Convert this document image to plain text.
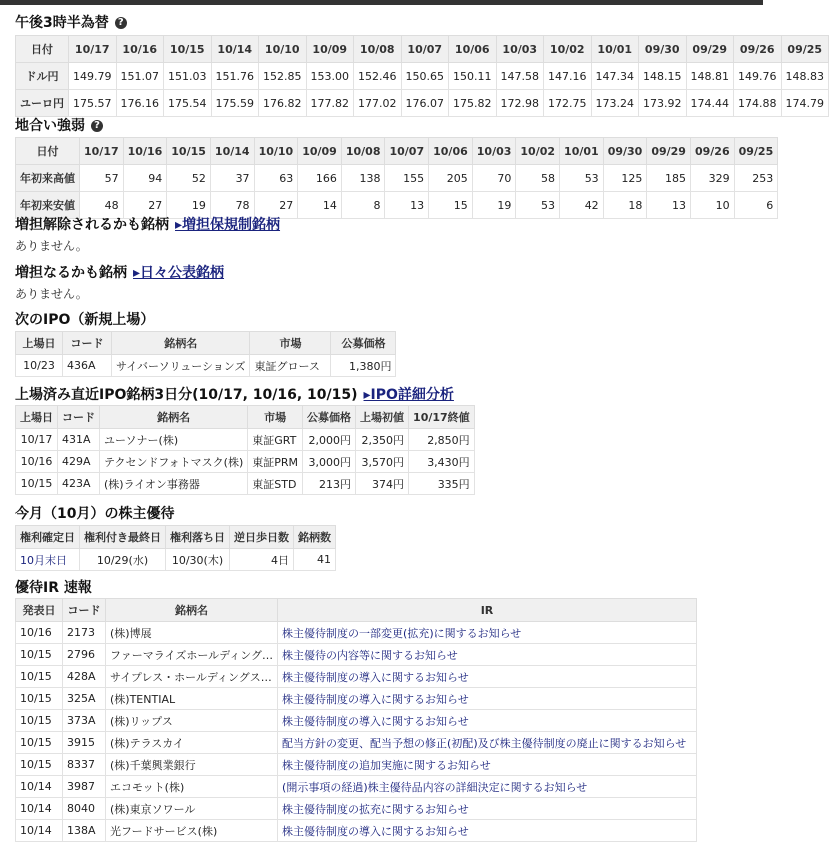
午後3時半為替 ?
日付	10/17	10/16	10/15	10/14	10/10	10/09	10/08	10/07	10/06	10/03	10/02	10/01	09/30	09/29	09/26	09/25
ドル円	149.79	151.07	151.03	151.76	152.85	153.00	152.46	150.65	150.11	147.58	147.16	147.34	148.15	148.81	149.76	148.83
ユーロ円	175.57	176.16	175.54	175.59	176.82	177.82	177.02	176.07	175.82	172.98	172.75	173.24	173.92	174.44	174.88	174.79
地合い強弱 ?
日付	10/17	10/16	10/15	10/14	10/10	10/09	10/08	10/07	10/06	10/03	10/02	10/01	09/30	09/29	09/26	09/25
年初来高値	57	94	52	37	63	166	138	155	205	70	58	53	125	185	329	253
年初来安値	48	27	19	78	27	14	8	13	15	19	53	42	18	13	10	6
増担解除されるかも銘柄 ▸増担保規制銘柄
ありません。
増担なるかも銘柄 ▸日々公表銘柄
ありません。
次のIPO（新規上場）
上場日	コード	銘柄名	市場	公募価格
10/23	436A	サイバーソリューションズ	東証グロース	1,380円
上場済み直近IPO銘柄3日分(10/17, 10/16, 10/15) ▸IPO詳細分析
上場日	コード	銘柄名	市場	公募価格	上場初値	10/17終値
10/17	431A	ユーソナー(株)	東証GRT	2,000円	2,350円	2,850円
10/16	429A	テクセンドフォトマスク(株)	東証PRM	3,000円	3,570円	3,430円
10/15	423A	(株)ライオン事務器	東証STD	213円	374円	335円
今月（10月）の株主優待
権利確定日	権利付き最終日	権利落ち日	逆日歩日数	銘柄数
10月末日	10/29(水)	10/30(木)	4日	41
優待IR 速報
発表日	コード	銘柄名	IR
10/16	2173	(株)博展	株主優待制度の一部変更(拡充)に関するお知らせ
10/15	2796	ファーマライズホールディング…	株主優待の内容等に関するお知らせ
10/15	428A	サイプレス・ホールディングス…	株主優待制度の導入に関するお知らせ
10/15	325A	(株)TENTIAL	株主優待制度の導入に関するお知らせ
10/15	373A	(株)リップス	株主優待制度の導入に関するお知らせ
10/15	3915	(株)テラスカイ	配当方針の変更、配当予想の修正(初配)及び株主優待制度の廃止に関するお知らせ
10/15	8337	(株)千葉興業銀行	株主優待制度の追加実施に関するお知らせ
10/14	3987	エコモット(株)	(開示事項の経過)株主優待品内容の詳細決定に関するお知らせ
10/14	8040	(株)東京ソワール	株主優待制度の拡充に関するお知らせ
10/14	138A	光フードサービス(株)	株主優待制度の導入に関するお知らせ
